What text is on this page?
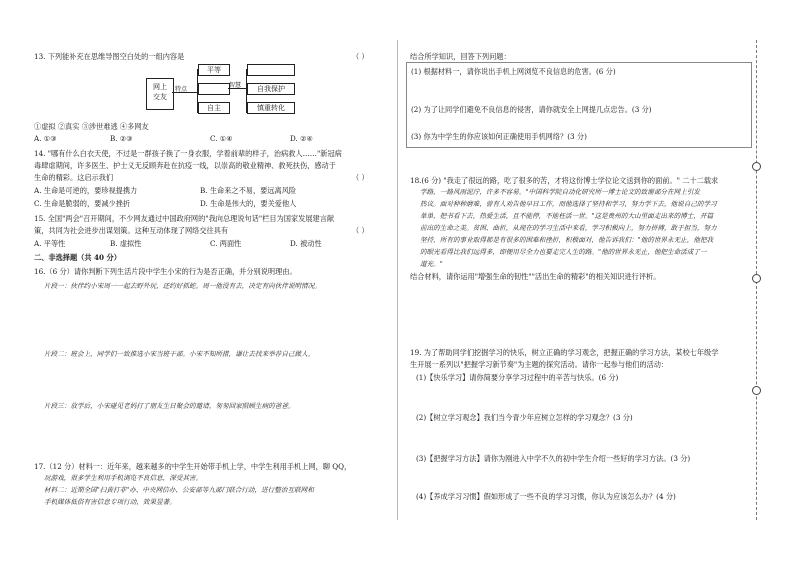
13. 下列能补充在思维导图空白处的一组内容是	（ ）
网上
交友
特点
平等
自主
智慧	自我保护
慎重转化
①虚拟 ②真实 ③涉世难逃 ④多网友
A. ①③	B. ②③	C. ①④	D. ②④
14. "哪有什么白衣天使，不过是一群孩子换了一身衣服，学着前辈的样子，治病救人……"新冠病
毒肆虐期间，许多医生、护士义无反顾奔赴在抗疫一线，以崇高的敬业精神、救死扶伤，感动于
生命的精彩。这启示我们	（ ）
A. 生命是可逆的，要珍视提携力	B. 生命来之不易，要远离风险
C. 生命是脆弱的，要减少挫折	D. 生命是伟大的，要关爱他人
15. 全国"两会"召开期间，不少网友通过中国政府网的"我向总理说句话"栏目为国家发展建言献
策，共同为社会进步出谋划策。这种互动体现了网络交往具有	（ ）
A. 平等性	B. 虚拟性	C. 两面性	D. 被动性
二、非选择题（共 40 分）
16.（6 分）请你判断下列生活片段中学生小宋的行为是否正确，并分别说明理由。
片段一：伙伴约小宋周一一起去野外玩，还约好抓蛇。周一他没有去，决定有向伙伴说明情况。
片段二：班会上，同学们一致推选小宋当班干部。小宋不知所措，谦让去找来举荐自己做人。
片段三：放学后，小宋碰见老妈打了朋友生日聚会的邀请，匆匆回家照顾生病的爸爸。
17.（12 分）材料一：近年来，越来越多的中学生开始带手机上学，中学生利用手机上网，聊 QQ，
玩游戏，很多学生利用手机浏览不良信息，深受其害。
材料二：近期全国"扫黄打非"办、中央网信办、公安部等九部门联合行动，进行整治互联网和
手机媒体低俗有害信息专项行动，效果显著。
结合所学知识，回答下列问题：
(1) 根据材料一，请你说出手机上网浏览不良信息的危害。(6 分)
(2) 为了让同学们避免不良信息的侵害，请你就安全上网提几点忠告。(3 分)
(3) 你为中学生的你应该如何正确使用手机网络？(3 分)
18.(6 分) "我走了很远的路，吃了很多的苦，才将这份博士学位论文送到你的面前。" 二十二载求
学路，一路风雨泥泞，许多不容易。"中国科学院自动化研究所一博士论文的致谢部分在网上引发
热议。面对种种磨难，曾有人劝告他早日工作，而他选择了坚持和学习，努力学下去，他说自己的学习
单单，把书看下去，热爱生活，且不能停，不能枉活一世。"这是贵州的大山里面走出来的博士，开篇
前出的生命之美。贫困、曲折，从现在的学习生活中来看，学习积极向上，努力拼搏，敢于担当，努力
坚持，所有的事业取得都是有很多的困难和挫折，积极面对，他告诉我们："他的世界永无止，他把我
的眼光看得比我们远得多，即便用尽全力也要走完人生的路。"他的世界永无止，他把生命活成了一
道光。"
结合材料，请你运用"增强生命的韧性""活出生命的精彩"的相关知识进行评析。
19. 为了帮助同学们挖掘学习的快乐，树立正确的学习观念，把握正确的学习方法，某校七年级学
生开展一系列以"把握学习新节奏"为主题的探究活动。请你一起参与他们的活动：
(1)【快乐学习】请你简要分享学习过程中的辛苦与快乐。(6 分)
(2)【树立学习观念】我们当今青少年应树立怎样的学习观念？(3 分)
(3)【把握学习方法】请你为刚进入中学不久的初中学生介绍一些好的学习方法。(3 分)
(4)【养成学习习惯】假如形成了一些不良的学习习惯，你认为应该怎么办？(4 分)
